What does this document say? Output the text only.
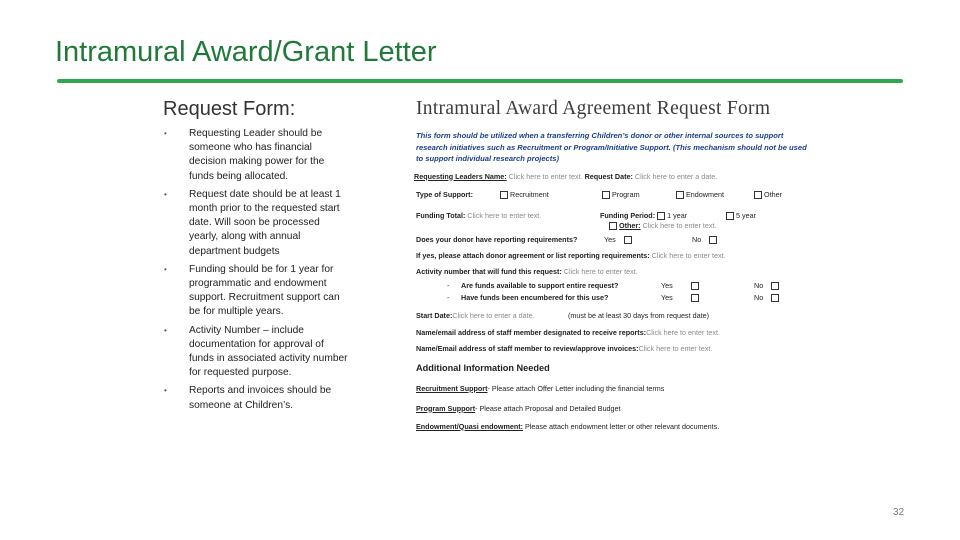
Intramural Award/Grant Letter
Request Form:
• Requesting Leader should be someone who has financial decision making power for the funds being allocated.
• Request date should be at least 1 month prior to the requested start date. Will soon be processed yearly, along with annual department budgets
• Funding should be for 1 year for programmatic and endowment support. Recruitment support can be for multiple years.
• Activity Number – include documentation for approval of funds in associated activity number for requested purpose.
• Reports and invoices should be someone at Children’s.
Intramural Award Agreement Request Form
This form should be utilized when a transferring Children’s donor or other internal sources to support research initiatives such as Recruitment or Program/Initiative Support. (This mechanism should not be used to support individual research projects)
Requesting Leaders Name: Click here to enter text. Request Date: Click here to enter a date.
Type of Support:	Recruitment	Program	Endowment	Other
Funding Total: Click here to enter text.	Funding Period: 1 year	5 year
Other: Click here to enter text.
Does your donor have reporting requirements?	Yes	No
If yes, please attach donor agreement or list reporting requirements: Click here to enter text.
Activity number that will fund this request: Click here to enter text.
- Are funds available to support entire request?	Yes	No
- Have funds been encumbered for this use?	Yes	No
Start Date:Click here to enter a date.	(must be at least 30 days from request date)
Name/email address of staff member designated to receive reports:Click here to enter text.
Name/Email address of staff member to review/approve invoices:Click here to enter text.
Additional Information Needed
Recruitment Support- Please attach Offer Letter including the financial terms
Program Support- Please attach Proposal and Detailed Budget
Endowment/Quasi endowment: Please attach endowment letter or other relevant documents.
32
